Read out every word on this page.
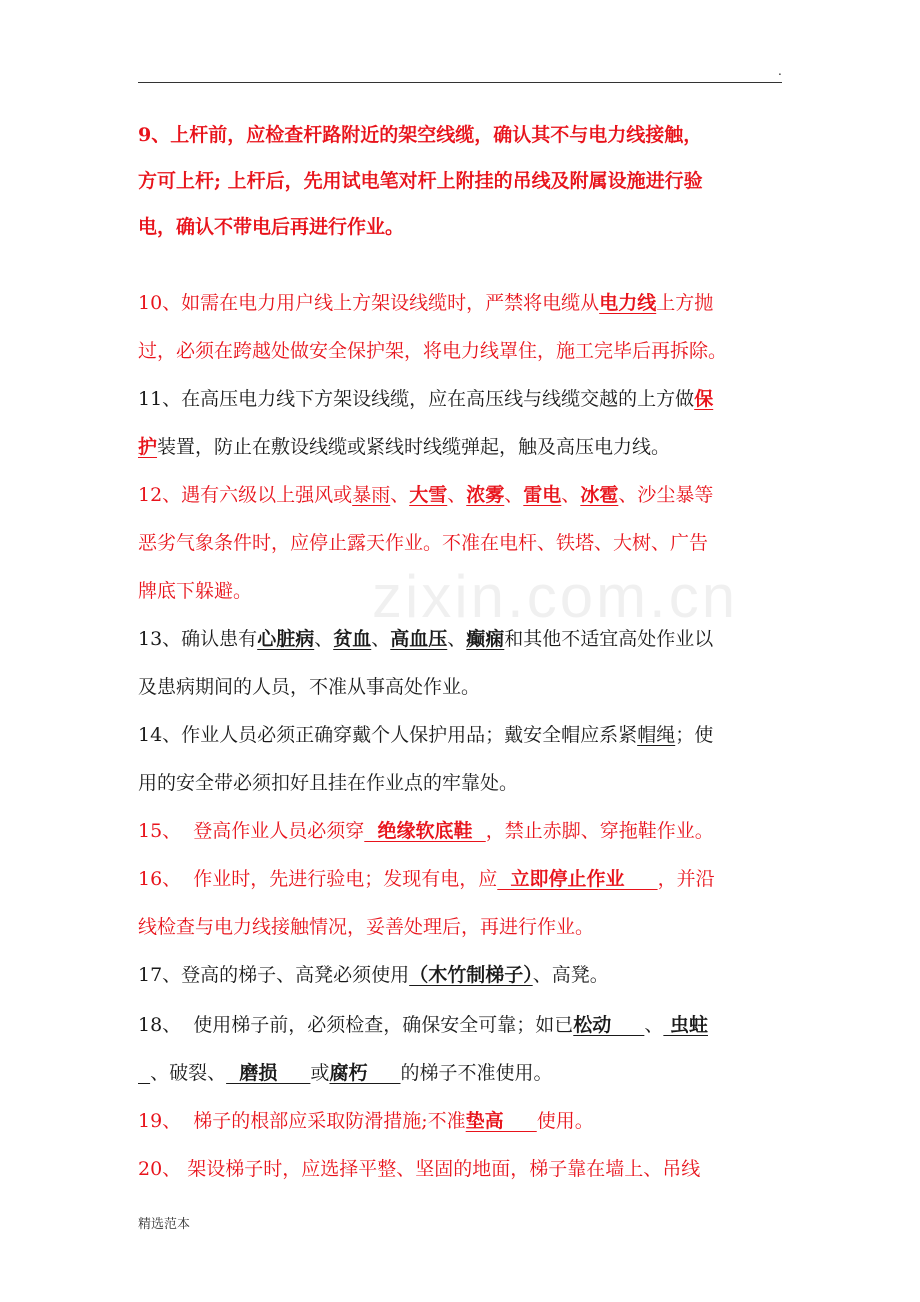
.
zixin.com.cn
9、上杆前，应检查杆路附近的架空线缆，确认其不与电力线接触，
方可上杆; 上杆后，先用试电笔对杆上附挂的吊线及附属设施进行验
电，确认不带电后再进行作业。
10、如需在电力用户线上方架设线缆时，严禁将电缆从电力线上方抛
过，必须在跨越处做安全保护架，将电力线罩住，施工完毕后再拆除。
11、在高压电力线下方架设线缆，应在高压线与线缆交越的上方做保
护装置，防止在敷设线缆或紧线时线缆弹起，触及高压电力线。
12、遇有六级以上强风或暴雨、大雪、浓雾、雷电、冰雹、沙尘暴等
恶劣气象条件时，应停止露天作业。不准在电杆、铁塔、大树、广告
牌底下躲避。
13、确认患有心脏病、贫血、高血压、癫痫和其他不适宜高处作业以
及患病期间的人员，不准从事高处作业。
14、作业人员必须正确穿戴个人保护用品；戴安全帽应系紧帽绳；使
用的安全带必须扣好且挂在作业点的牢靠处。
15、  登高作业人员必须穿  绝缘软底鞋  ，禁止赤脚、穿拖鞋作业。
16、  作业时，先进行验电；发现有电，应  立即停止作业     ，并沿
线检查与电力线接触情况，妥善处理后，再进行作业。
17、登高的梯子、高凳必须使用（木竹制梯子）、高凳。
18、  使用梯子前，必须检查，确保安全可靠；如已松动     、 虫蛀
、破裂、  磨损     或腐朽     的梯子不准使用。
19、  梯子的根部应采取防滑措施;不准垫高     使用。
20、 架设梯子时，应选择平整、坚固的地面，梯子靠在墙上、吊线
精选范本
